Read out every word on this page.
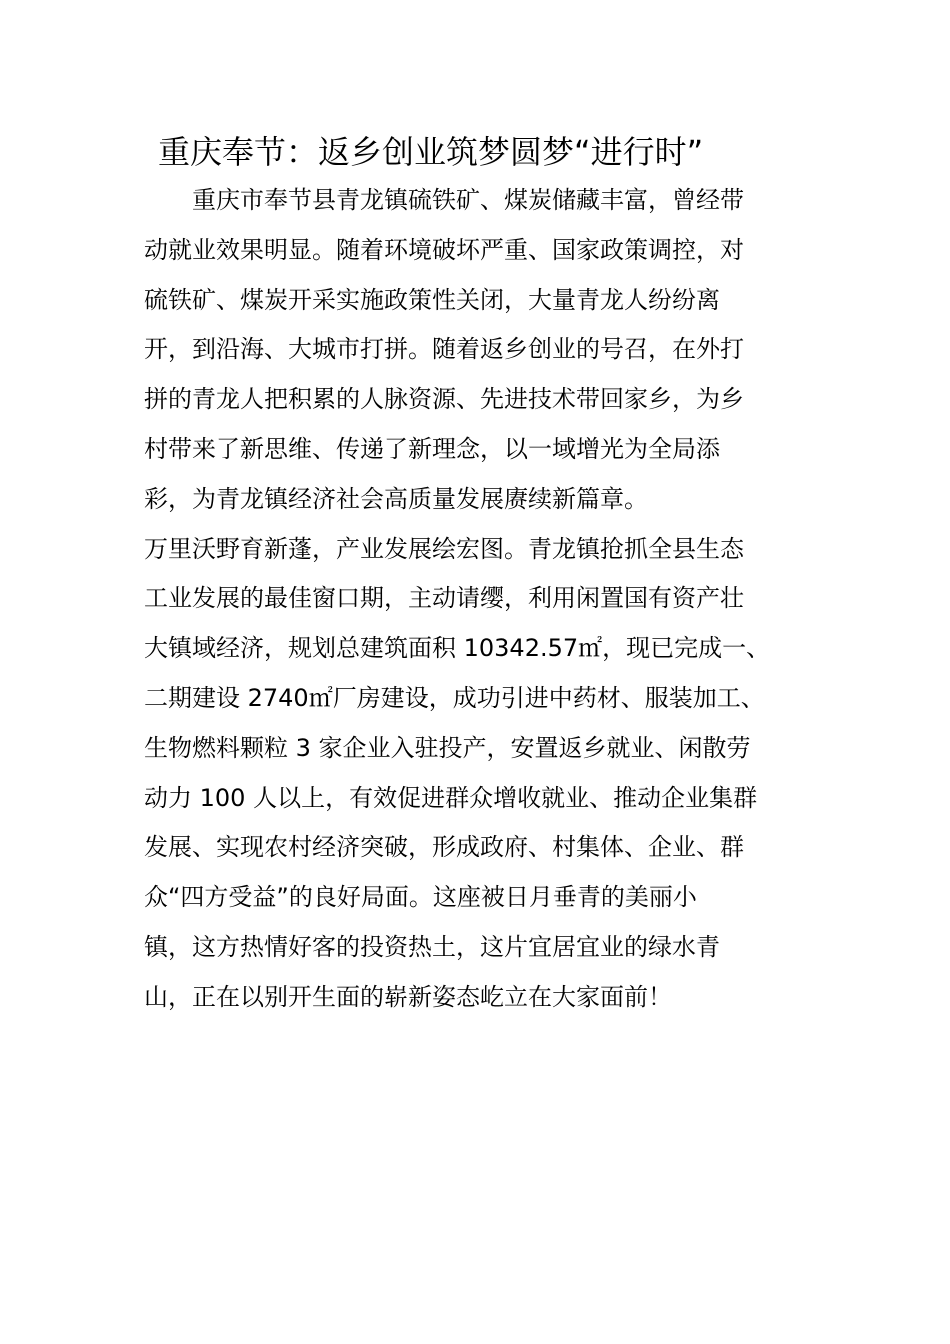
重庆奉节：返乡创业筑梦圆梦“进行时”
　　重庆市奉节县青龙镇硫铁矿、煤炭储藏丰富，曾经带
动就业效果明显。随着环境破坏严重、国家政策调控，对
硫铁矿、煤炭开采实施政策性关闭，大量青龙人纷纷离
开，到沿海、大城市打拼。随着返乡创业的号召，在外打
拼的青龙人把积累的人脉资源、先进技术带回家乡，为乡
村带来了新思维、传递了新理念，以一域增光为全局添
彩，为青龙镇经济社会高质量发展赓续新篇章。
万里沃野育新蓬，产业发展绘宏图。青龙镇抢抓全县生态
工业发展的最佳窗口期，主动请缨，利用闲置国有资产壮
大镇域经济，规划总建筑面积 10342.57㎡，现已完成一、
二期建设 2740㎡厂房建设，成功引进中药材、服装加工、
生物燃料颗粒 3 家企业入驻投产，安置返乡就业、闲散劳
动力 100 人以上，有效促进群众增收就业、推动企业集群
发展、实现农村经济突破，形成政府、村集体、企业、群
众“四方受益”的良好局面。这座被日月垂青的美丽小
镇，这方热情好客的投资热土，这片宜居宜业的绿水青
山，正在以别开生面的崭新姿态屹立在大家面前！
